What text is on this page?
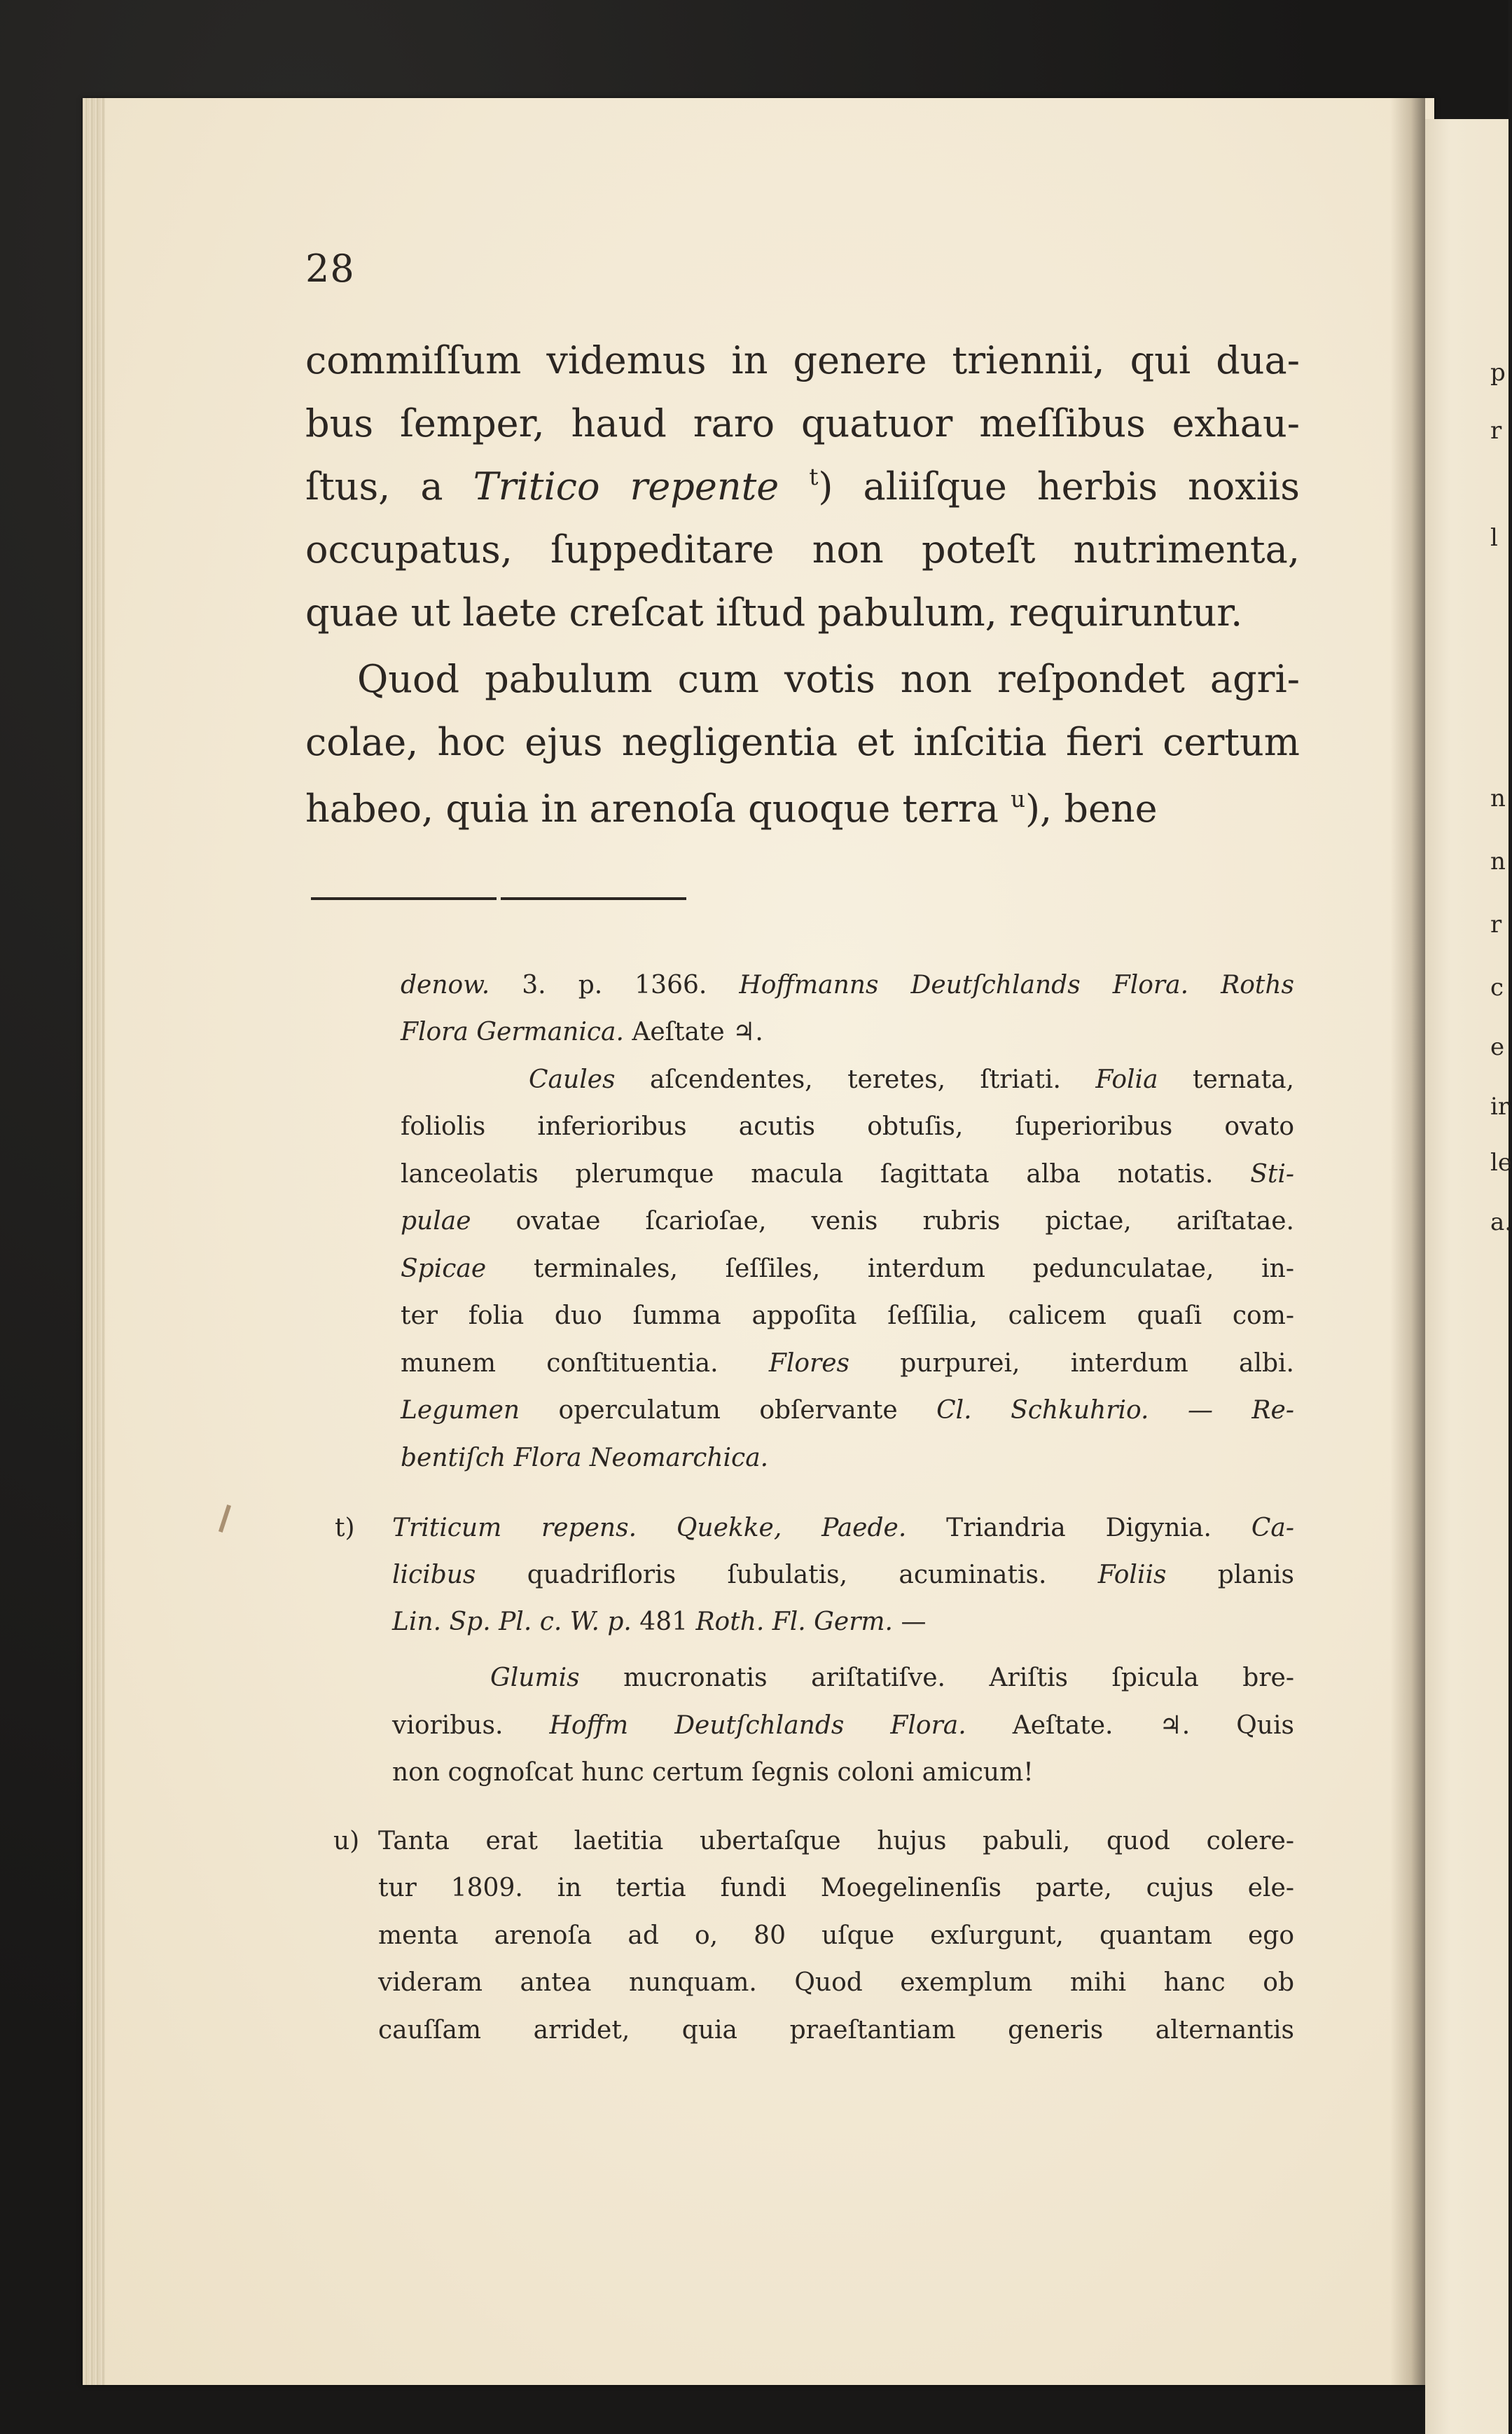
28
commiſſum videmus in genere triennii, qui dua-
bus ſemper, haud raro quatuor meſſibus exhau-
ſtus, a Tritico repente $^t$) aliiſque herbis noxiis
occupatus, ſuppeditare non poteſt nutrimenta,
quae ut laete creſcat iſtud pabulum, requiruntur.
Quod pabulum cum votis non reſpondet agri-
colae, hoc ejus negligentia et inſcitia fieri certum
habeo, quia in arenoſa quoque terra $^u$), bene
denow. 3. p. 1366. Hoffmanns Deutſchlands Flora. Roths
Flora Germanica. Aeſtate ♃.
Caules aſcendentes, teretes, ſtriati. Folia ternata,
foliolis inferioribus acutis obtuſis, ſuperioribus ovato
lanceolatis plerumque macula ſagittata alba notatis. Sti-
pulae ovatae ſcarioſae, venis rubris pictae, ariſtatae.
Spicae terminales, ſeſſiles, interdum pedunculatae, in-
ter folia duo ſumma appoſita ſeſſilia, calicem quaſi com-
munem conſtituentia. Flores purpurei, interdum albi.
Legumen operculatum obſervante Cl. Schkuhrio. — Re-
bentiſch Flora Neomarchica.
t) Triticum repens. Quekke, Paede. Triandria Digynia. Ca-
licibus quadrifloris ſubulatis, acuminatis. Foliis planis
Lin. Sp. Pl. c. W. p. 481 Roth. Fl. Germ. —
Glumis mucronatis ariſtatiſve. Ariſtis ſpicula bre-
vioribus. Hoffm Deutſchlands Flora. Aeſtate. ♃. Quis
non cognoſcat hunc certum ſegnis coloni amicum!
u) Tanta erat laetitia ubertaſque hujus pabuli, quod colere-
tur 1809. in tertia fundi Moegelinenſis parte, cujus ele-
menta arenoſa ad o, 80 uſque exſurgunt, quantam ego
videram antea nunquam. Quod exemplum mihi hanc ob
cauſſam arridet, quia praeſtantiam generis alternantis
p
r
l
n
n
r
c
e
ir
le
a.
